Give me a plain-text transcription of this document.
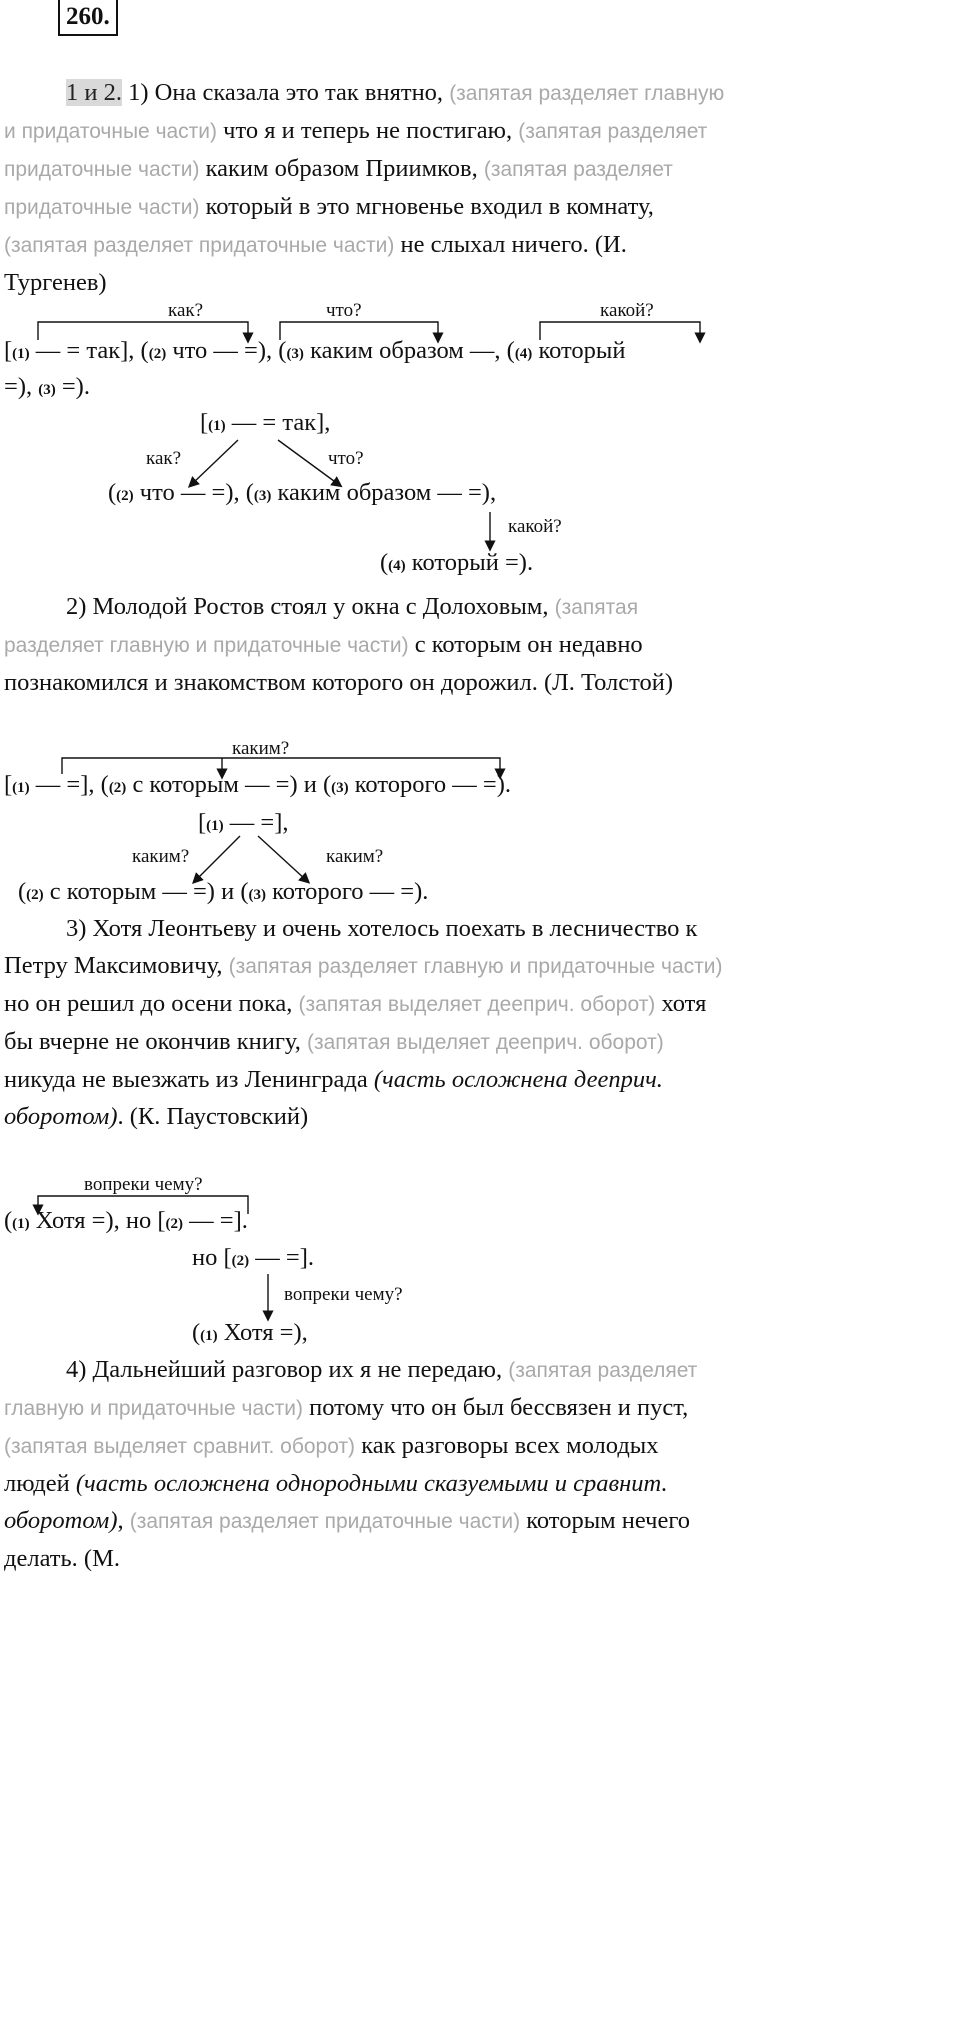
260.

1 и 2. 1) Она сказала это так внятно, (запятая разделяет главную и придаточные части) что я и теперь не постигаю, (запятая разделяет придаточные части) каким образом Приимков, (запятая разделяет придаточные части) который в это мгновенье входил в комнату, (запятая разделяет придаточные части) не слыхал ничего. (И. Тургенев)

как?	что?	какой?
[(1) — = так], ((2) что — =), ((3) каким образом —, ((4) который
=), (3) =).
[(1) — = так],
как?	что?
((2) что — =), ((3) каким образом — =),
какой?
((4) который =).

2) Молодой Ростов стоял у окна с Долоховым, (запятая разделяет главную и придаточные части) с которым он недавно познакомился и знакомством которого он дорожил. (Л. Толстой)

каким?
[(1) — =], ((2) с которым — =) и ((3) которого — =).
[(1) — =],
каким?	каким?
((2) с которым — =) и ((3) которого — =).

3) Хотя Леонтьеву и очень хотелось поехать в лесничество к Петру Максимовичу, (запятая разделяет главную и придаточные части) но он решил до осени пока, (запятая выделяет дееприч. оборот) хотя бы вчерне не окончив книгу, (запятая выделяет дееприч. оборот) никуда не выезжать из Ленинграда (часть осложнена дееприч. оборотом). (К. Паустовский)

вопреки чему?
((1) Хотя =), но [(2) — =].
но [(2) — =].
вопреки чему?
((1) Хотя =),

4) Дальнейший разговор их я не передаю, (запятая разделяет главную и придаточные части) потому что он был бессвязен и пуст, (запятая выделяет сравнит. оборот) как разговоры всех молодых людей (часть осложнена однородными сказуемыми и сравнит. оборотом), (запятая разделяет придаточные части) которым нечего делать. (М.
